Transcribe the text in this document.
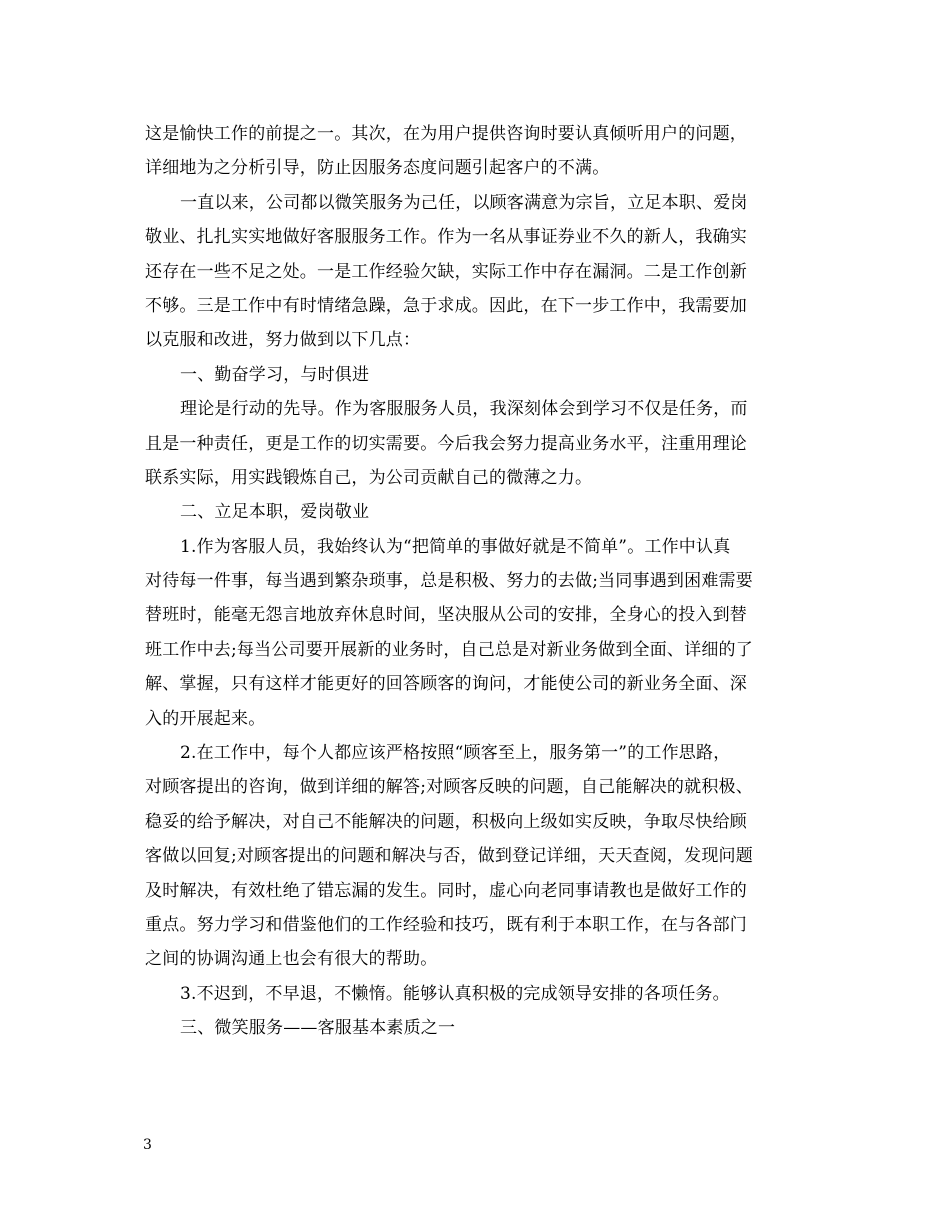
这是愉快工作的前提之一。其次，在为用户提供咨询时要认真倾听用户的问题，
详细地为之分析引导，防止因服务态度问题引起客户的不满。
一直以来，公司都以微笑服务为己任，以顾客满意为宗旨，立足本职、爱岗
敬业、扎扎实实地做好客服服务工作。作为一名从事证券业不久的新人，我确实
还存在一些不足之处。一是工作经验欠缺，实际工作中存在漏洞。二是工作创新
不够。三是工作中有时情绪急躁，急于求成。因此，在下一步工作中，我需要加
以克服和改进，努力做到以下几点：
一、勤奋学习，与时俱进
理论是行动的先导。作为客服服务人员，我深刻体会到学习不仅是任务，而
且是一种责任，更是工作的切实需要。今后我会努力提高业务水平，注重用理论
联系实际，用实践锻炼自己，为公司贡献自己的微薄之力。
二、立足本职，爱岗敬业
1.作为客服人员，我始终认为“把简单的事做好就是不简单”。工作中认真
对待每一件事，每当遇到繁杂琐事，总是积极、努力的去做;当同事遇到困难需要
替班时，能毫无怨言地放弃休息时间，坚决服从公司的安排，全身心的投入到替
班工作中去;每当公司要开展新的业务时，自己总是对新业务做到全面、详细的了
解、掌握，只有这样才能更好的回答顾客的询问，才能使公司的新业务全面、深
入的开展起来。
2.在工作中，每个人都应该严格按照“顾客至上，服务第一”的工作思路，
对顾客提出的咨询，做到详细的解答;对顾客反映的问题，自己能解决的就积极、
稳妥的给予解决，对自己不能解决的问题，积极向上级如实反映，争取尽快给顾
客做以回复;对顾客提出的问题和解决与否，做到登记详细，天天查阅，发现问题
及时解决，有效杜绝了错忘漏的发生。同时，虚心向老同事请教也是做好工作的
重点。努力学习和借鉴他们的工作经验和技巧，既有利于本职工作，在与各部门
之间的协调沟通上也会有很大的帮助。
3.不迟到，不早退，不懒惰。能够认真积极的完成领导安排的各项任务。
三、微笑服务——客服基本素质之一
3
